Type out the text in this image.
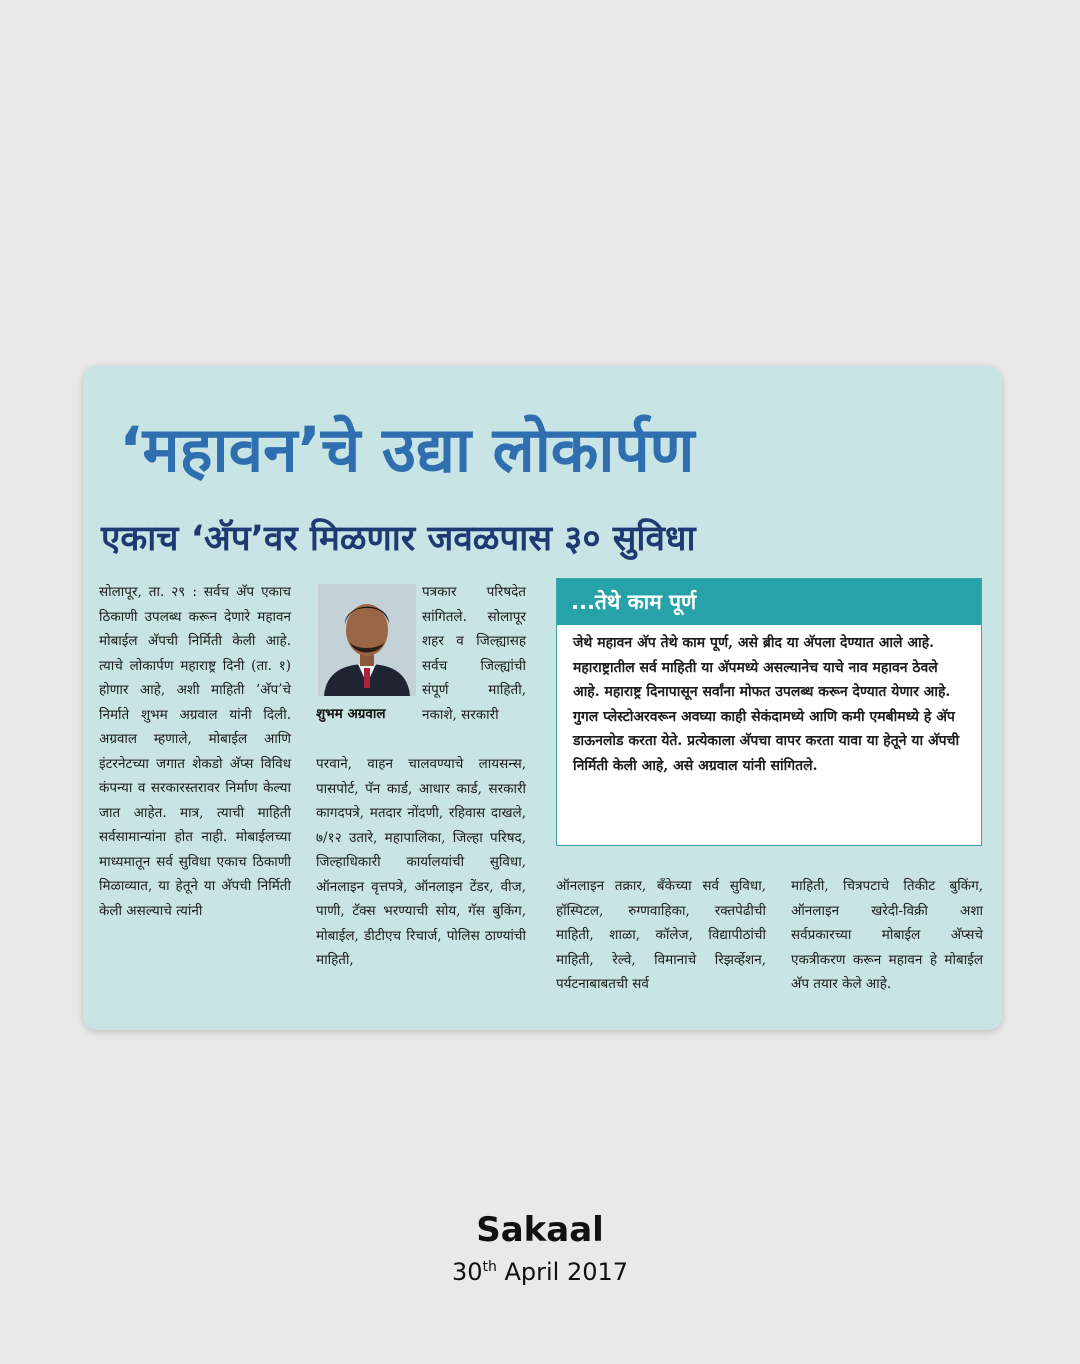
‘महावन’चे उद्या लोकार्पण
एकाच ‘अ‍ॅप’वर मिळणार जवळपास ३० सुविधा
सोलापूर, ता. २९ : सर्वच अ‍ॅप एकाच ठिकाणी उपलब्ध करून देणारे महावन मोबाईल अ‍ॅपची निर्मिती केली आहे. त्याचे लोकार्पण महाराष्ट्र दिनी (ता. १) होणार आहे, अशी माहिती ‘अ‍ॅप’चे निर्माते शुभम अग्रवाल यांनी दिली. अग्रवाल म्हणाले, मोबाईल आणि इंटरनेटच्या जगात शेकडो अ‍ॅप्स विविध कंपन्या व सरकारस्तरावर निर्माण केल्या जात आहेत. मात्र, त्याची माहिती सर्वसामान्यांना होत नाही. मोबाईलच्या माध्यमातून सर्व सुविधा एकाच ठिकाणी मिळाव्यात, या हेतूने या अ‍ॅपची निर्मिती केली असल्याचे त्यांनी
शुभम अग्रवाल
पत्रकार परिषदेत सांगितले. सोलापूर शहर व जिल्ह्यासह सर्वच जिल्ह्यांची संपूर्ण माहिती, नकाशे, सरकारी
परवाने, वाहन चालवण्याचे लायसन्स, पासपोर्ट, पॅन कार्ड, आधार कार्ड, सरकारी कागदपत्रे, मतदार नोंदणी, रहिवास दाखले, ७/१२ उतारे, महापालिका, जिल्हा परिषद, जिल्हाधिकारी कार्यालयांची सुविधा, ऑनलाइन वृत्तपत्रे, ऑनलाइन टेंडर, वीज, पाणी, टॅक्स भरण्याची सोय, गॅस बुकिंग, मोबाईल, डीटीएच रिचार्ज, पोलिस ठाण्यांची माहिती,
...तेथे काम पूर्ण
जेथे महावन अ‍ॅप तेथे काम पूर्ण, असे ब्रीद या अ‍ॅपला देण्यात आले आहे. महाराष्ट्रातील सर्व माहिती या अ‍ॅपमध्ये असल्यानेच याचे नाव महावन ठेवले आहे. महाराष्ट्र दिनापासून सर्वांना मोफत उपलब्ध करून देण्यात येणार आहे. गुगल प्लेस्टोअरवरून अवघ्या काही सेकंदामध्ये आणि कमी एमबीमध्ये हे अ‍ॅप डाऊनलोड करता येते. प्रत्येकाला अ‍ॅपचा वापर करता यावा या हेतूने या अ‍ॅपची निर्मिती केली आहे, असे अग्रवाल यांनी सांगितले.
ऑनलाइन तक्रार, बँकेच्या सर्व सुविधा, हॉस्पिटल, रुग्णवाहिका, रक्तपेढीची माहिती, शाळा, कॉलेज, विद्यापीठांची माहिती, रेल्वे, विमानाचे रिझर्व्हेशन, पर्यटनाबाबतची सर्व
माहिती, चित्रपटाचे तिकीट बुकिंग, ऑनलाइन खरेदी-विक्री अशा सर्वप्रकारच्या मोबाईल अ‍ॅप्सचे एकत्रीकरण करून महावन हे मोबाईल अ‍ॅप तयार केले आहे.
Sakaal
30th April 2017
